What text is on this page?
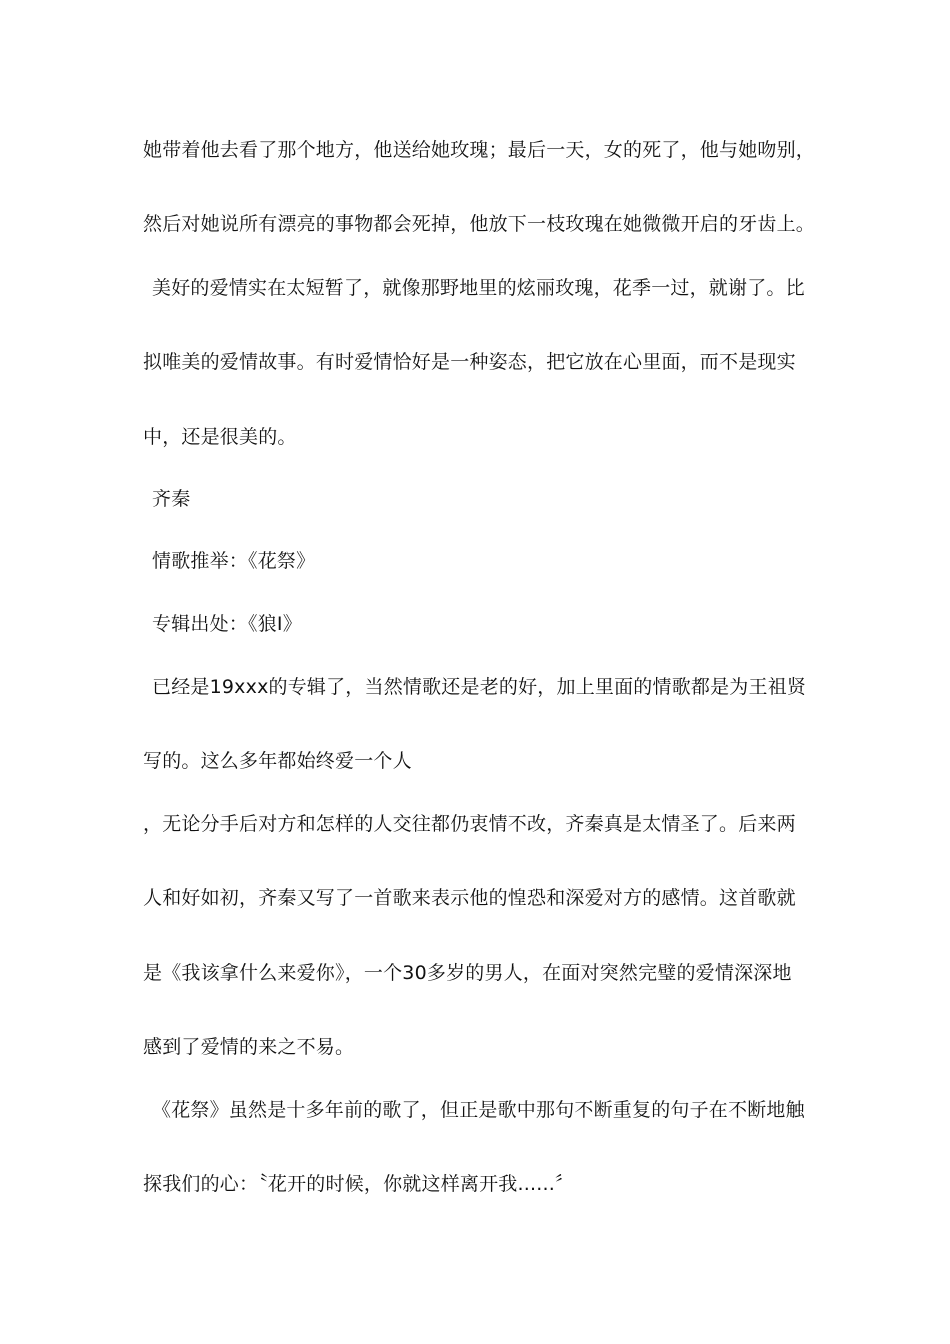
她带着他去看了那个地方，他送给她玫瑰；最后一天，女的死了，他与她吻别，
然后对她说所有漂亮的事物都会死掉，他放下一枝玫瑰在她微微开启的牙齿上。
美好的爱情实在太短暂了，就像那野地里的炫丽玫瑰，花季一过，就谢了。比
拟唯美的爱情故事。有时爱情恰好是一种姿态，把它放在心里面，而不是现实
中，还是很美的。
齐秦
情歌推举：《花祭》
专辑出处：《狼Ⅰ》
已经是19xxx的专辑了，当然情歌还是老的好，加上里面的情歌都是为王祖贤
写的。这么多年都始终爱一个人
，无论分手后对方和怎样的人交往都仍衷情不改，齐秦真是太情圣了。后来两
人和好如初，齐秦又写了一首歌来表示他的惶恐和深爱对方的感情。这首歌就
是《我该拿什么来爱你》，一个30多岁的男人，在面对突然完璧的爱情深深地
感到了爱情的来之不易。
《花祭》虽然是十多年前的歌了，但正是歌中那句不断重复的句子在不断地触
探我们的心：〝花开的时候，你就这样离开我......〞
